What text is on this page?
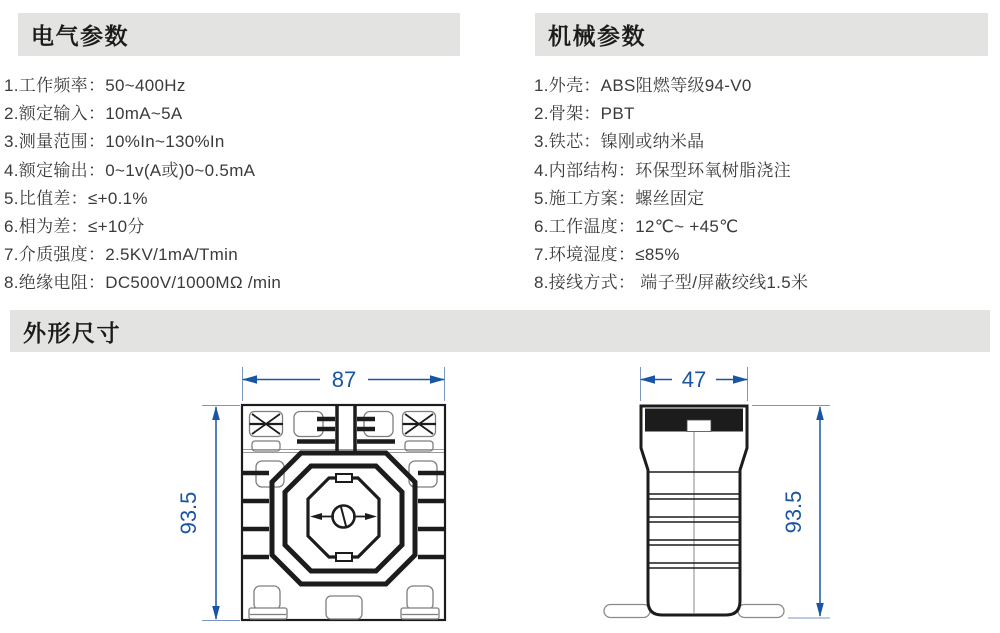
电气参数
1.工作频率：50~400Hz
2.额定输入：10mA~5A
3.测量范围：10%In~130%In
4.额定输出：0~1v(A或)0~0.5mA
5.比值差：≤+0.1%
6.相为差：≤+10分
7.介质强度：2.5KV/1mA/Tmin
8.绝缘电阻：DC500V/1000MΩ /min
机械参数
1.外壳：ABS阻燃等级94-V0
2.骨架：PBT
3.铁芯：镍刚或纳米晶
4.内部结构：环保型环氧树脂浇注
5.施工方案：螺丝固定
6.工作温度：12℃~ +45℃
7.环境湿度：≤85%
8.接线方式： 端子型/屏蔽绞线1.5米
外形尺寸
87
93.5
47
93.5
